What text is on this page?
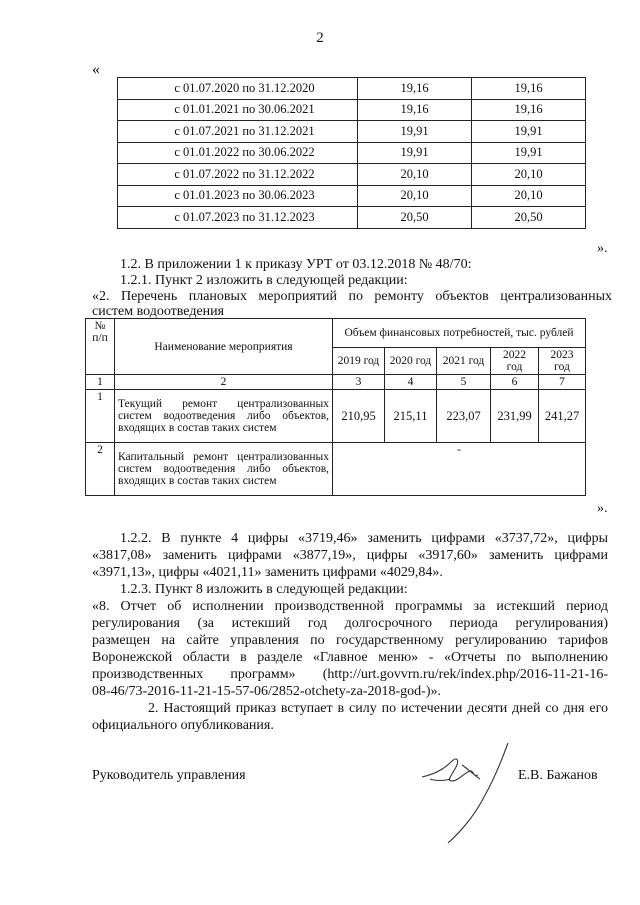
2
«
с 01.07.2020 по 31.12.2020	19,16	19,16
с 01.01.2021 по 30.06.2021	19,16	19,16
с 01.07.2021 по 31.12.2021	19,91	19,91
с 01.01.2022 по 30.06.2022	19,91	19,91
с 01.07.2022 по 31.12.2022	20,10	20,10
с 01.01.2023 по 30.06.2023	20,10	20,10
с 01.07.2023 по 31.12.2023	20,50	20,50
».
1.2. В приложении 1 к приказу УРТ от 03.12.2018 № 48/70:
1.2.1. Пункт 2 изложить в следующей редакции:
«2. Перечень плановых мероприятий по ремонту объектов централизованных
систем водоотведения
№ п/п	Наименование мероприятия	Объем финансовых потребностей, тыс. рублей				
		2019 год	2020 год	2021 год	2022 год	2023 год
1	2	3	4	5	6	7
1	Текущий ремонт централизованных систем водоотведения либо объектов, входящих в состав таких систем	210,95	215,11	223,07	231,99	241,27
2	Капитальный ремонт централизованных систем водоотведения либо объектов, входящих в состав таких систем	-				
».
1.2.2. В пункте 4 цифры «3719,46» заменить цифрами «3737,72», цифры
«3817,08» заменить цифрами «3877,19», цифры «3917,60» заменить цифрами
«3971,13», цифры «4021,11» заменить цифрами «4029,84».
1.2.3. Пункт 8 изложить в следующей редакции:
«8. Отчет об исполнении производственной программы за истекший период
регулирования (за истекший год долгосрочного периода регулирования)
размещен на сайте управления по государственному регулированию тарифов
Воронежской области в разделе «Главное меню» - «Отчеты по выполнению
производственных программ» (http://urt.govvrn.ru/rek/index.php/2016-11-21-16-
08-46/73-2016-11-21-15-57-06/2852-otchety-za-2018-god-)».
2. Настоящий приказ вступает в силу по истечении десяти дней со дня его
официального опубликования.
Руководитель управления	Е.В. Бажанов
